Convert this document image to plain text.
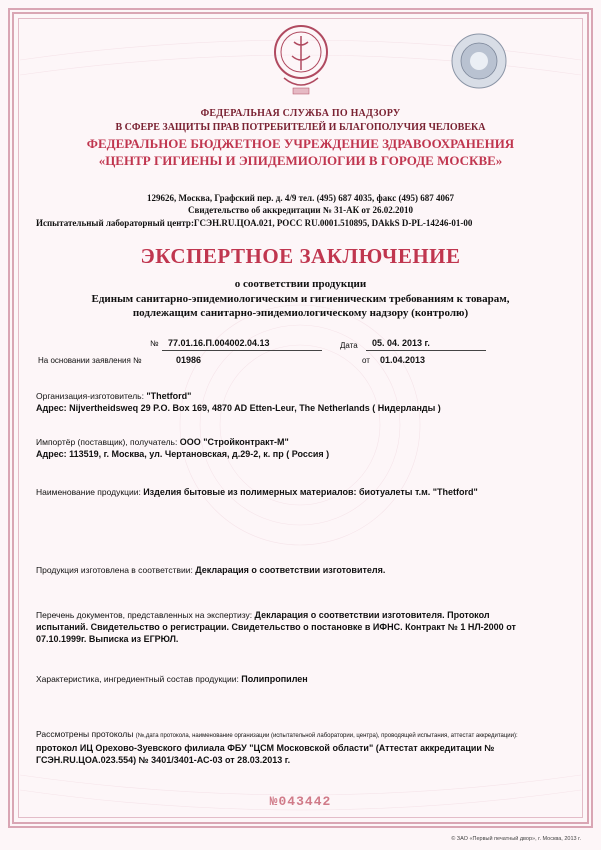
ФЕДЕРАЛЬНАЯ СЛУЖБА ПО НАДЗОРУ
В СФЕРЕ ЗАЩИТЫ ПРАВ ПОТРЕБИТЕЛЕЙ И БЛАГОПОЛУЧИЯ ЧЕЛОВЕКА
ФЕДЕРАЛЬНОЕ БЮДЖЕТНОЕ УЧРЕЖДЕНИЕ ЗДРАВООХРАНЕНИЯ
«ЦЕНТР ГИГИЕНЫ И ЭПИДЕМИОЛОГИИ В ГОРОДЕ МОСКВЕ»
129626, Москва, Графский пер. д. 4/9 тел. (495) 687 4035, факс (495) 687 4067
Свидетельство об аккредитации № 31-АК от 26.02.2010
Испытательный лабораторный центр:ГСЭН.RU.ЦОА.021, РОСС RU.0001.510895, DAkkS D-PL-14246-01-00
ЭКСПЕРТНОЕ ЗАКЛЮЧЕНИЕ
о соответствии продукции
Единым санитарно-эпидемиологическим и гигиеническим требованиям к товарам,
подлежащим санитарно-эпидемиологическому надзору (контролю)
№ 77.01.16.П.004002.04.13	Дата 05. 04. 2013 г.
На основании заявления №	01986	от 01.04.2013
Организация-изготовитель: "Thetford"
Адрес: Nijvertheidsweq 29 P.O. Box 169, 4870 AD Etten-Leur, The Netherlands ( Нидерланды )
Импортёр (поставщик), получатель: ООО "Стройконтракт-М"
Адрес: 113519, г. Москва, ул. Чертановская, д.29-2, к. пр ( Россия )
Наименование продукции: Изделия бытовые из полимерных материалов: биотуалеты т.м. "Thetford"
Продукция изготовлена в соответствии: Декларация о соответствии изготовителя.
Перечень документов, представленных на экспертизу: Декларация о соответствии изготовителя. Протокол
испытаний. Свидетельство о регистрации. Свидетельство о постановке в ИФНС. Контракт № 1 НЛ-2000 от
07.10.1999г. Выписка из ЕГРЮЛ.
Характеристика, ингредиентный состав продукции: Полипропилен
Рассмотрены протоколы (№,дата протокола, наименование организации (испытательной лаборатории, центра), проводящей испытания, аттестат аккредитации):
протокол ИЦ Орехово-Зуевского филиала ФБУ "ЦСМ Московской области" (Аттестат аккредитации №
ГСЭН.RU.ЦОА.023.554) № 3401/3401-АС-03 от 28.03.2013 г.
№043442
© ЗАО «Первый печатный двор», г. Москва, 2013 г.
